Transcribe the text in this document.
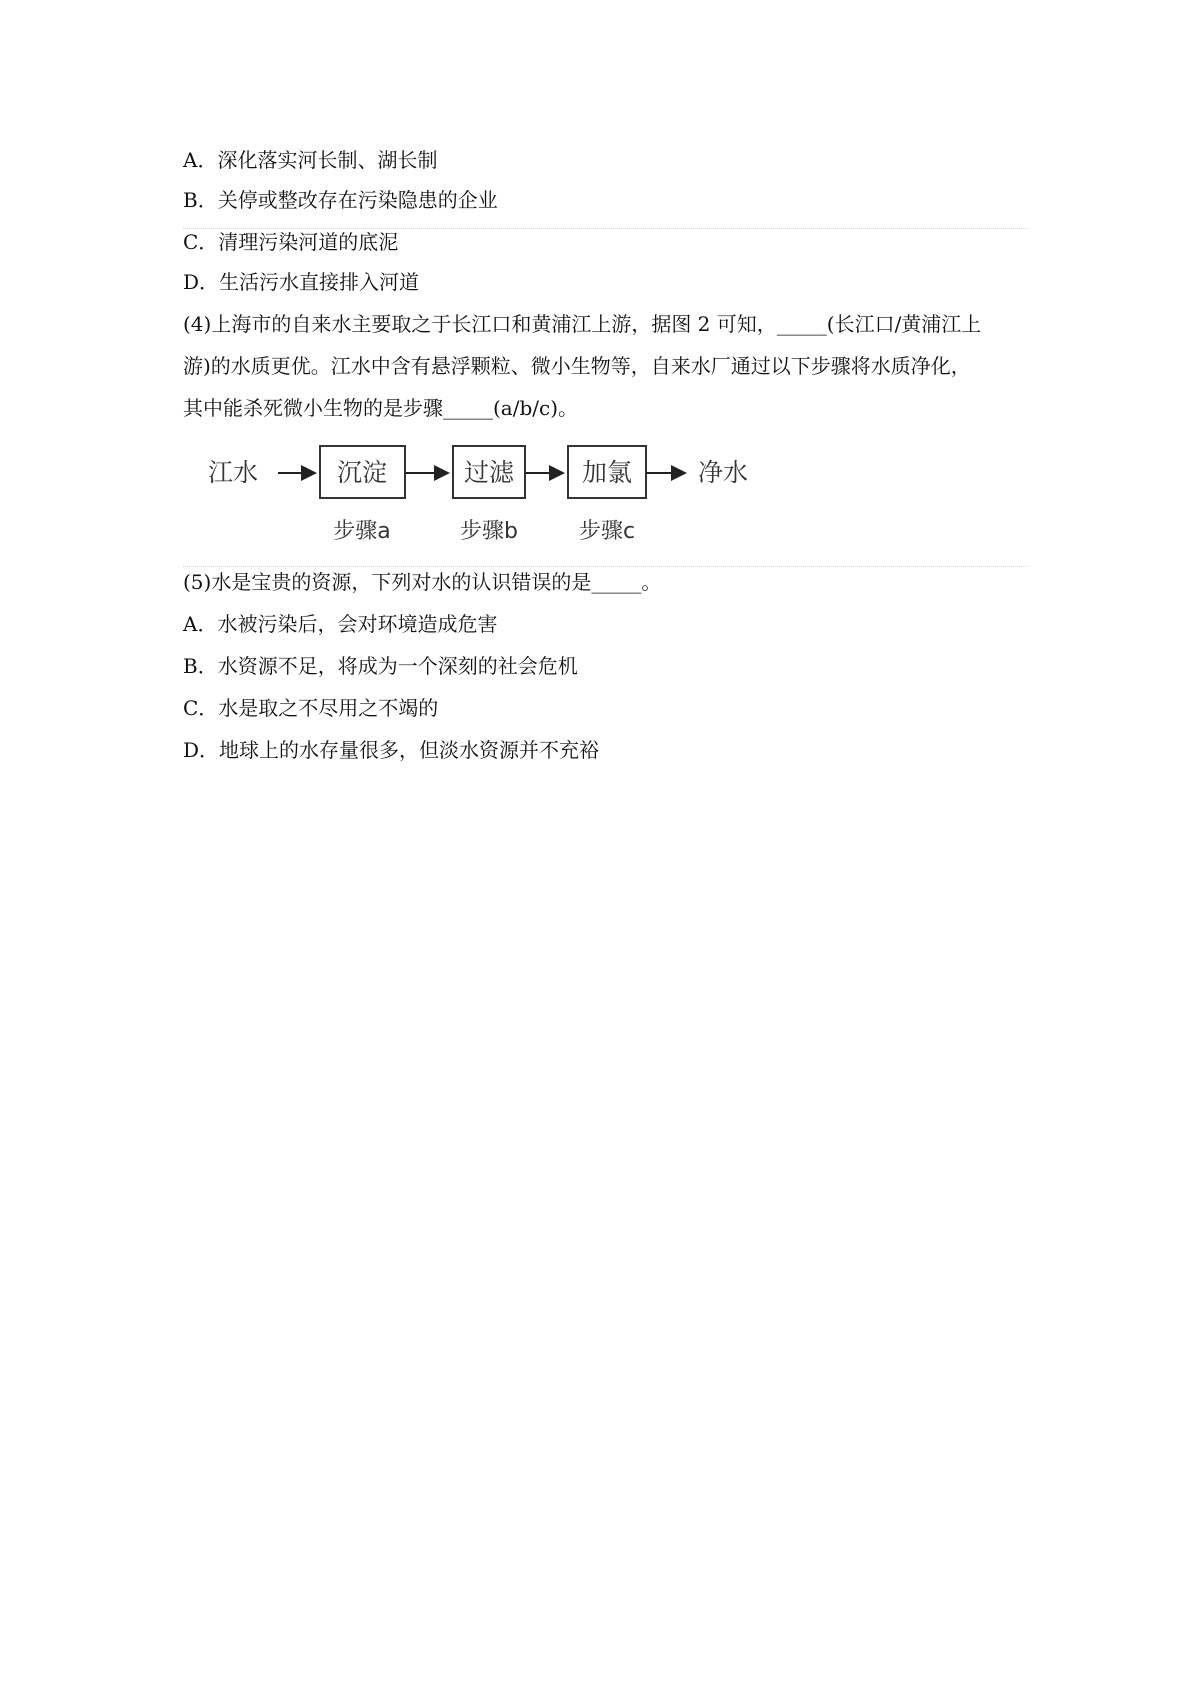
A．深化落实河长制、湖长制
B．关停或整改存在污染隐患的企业
C．清理污染河道的底泥
D．生活污水直接排入河道
(4)上海市的自来水主要取之于长江口和黄浦江上游，据图 2 可知，_____(长江口/黄浦江上
游)的水质更优。江水中含有悬浮颗粒、微小生物等，自来水厂通过以下步骤将水质净化，
其中能杀死微小生物的是步骤_____(a/b/c)。
江水	沉淀
步骤a
过滤
步骤b
加氯
步骤c
净水
(5)水是宝贵的资源，下列对水的认识错误的是_____。
A．水被污染后，会对环境造成危害
B．水资源不足，将成为一个深刻的社会危机
C．水是取之不尽用之不竭的
D．地球上的水存量很多，但淡水资源并不充裕
